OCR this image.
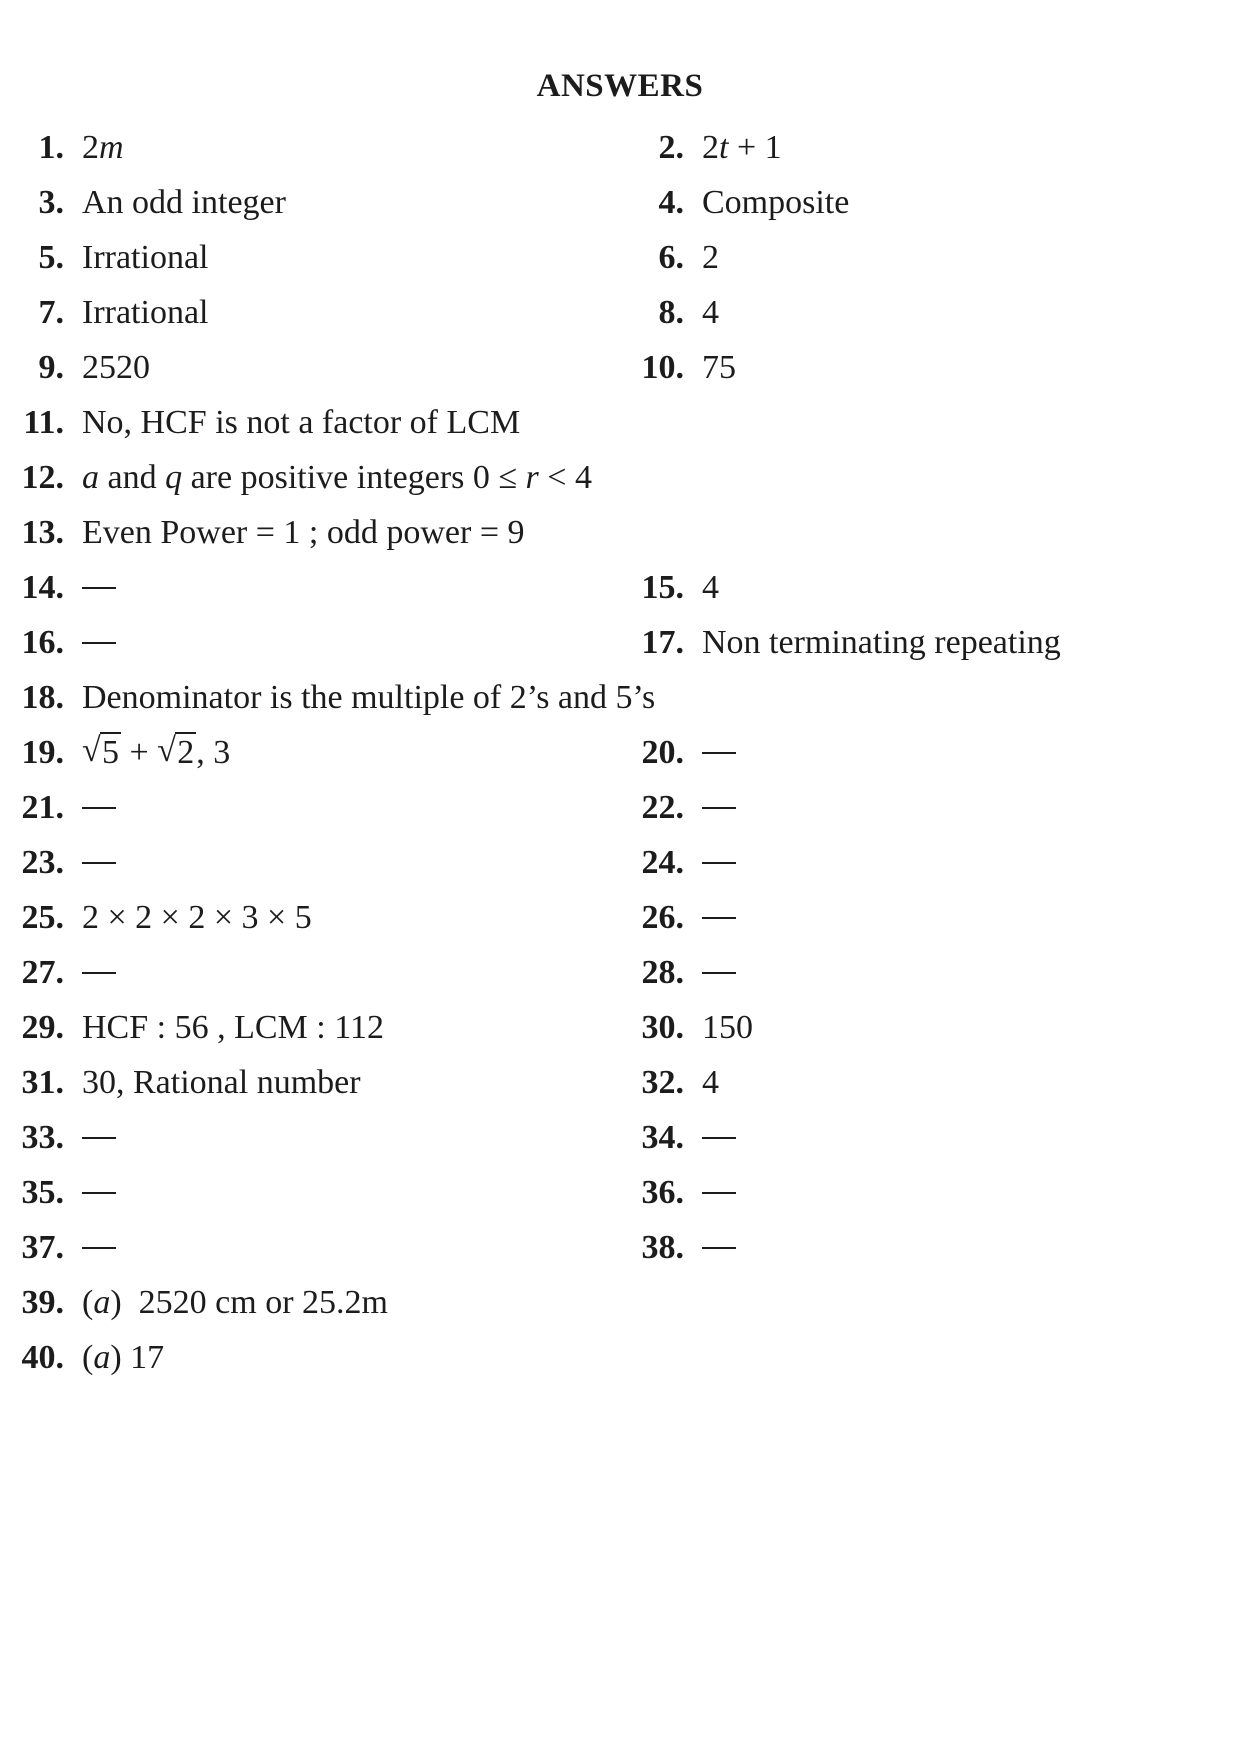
ANSWERS
1. 2m	2. 2t + 1
3. An odd integer	4. Composite
5. Irrational	6. 2
7. Irrational	8. 4
9. 2520	10. 75
11. No, HCF is not a factor of LCM
12. a and q are positive integers 0 ≤ r < 4
13. Even Power = 1 ; odd power = 9
14.	15. 4
16.	17. Non terminating repeating
18. Denominator is the multiple of 2’s and 5’s
19. √ 5 + √ 2, 3	20.
21.	22.
23.	24.
25. 2 × 2 × 2 × 3 × 5	26.
27.	28.
29. HCF : 56 , LCM : 112	30. 150
31. 30, Rational number	32. 4
33.	34.
35.	36.
37.	38.
39. (a)  2520 cm or 25.2m
40. (a) 17
